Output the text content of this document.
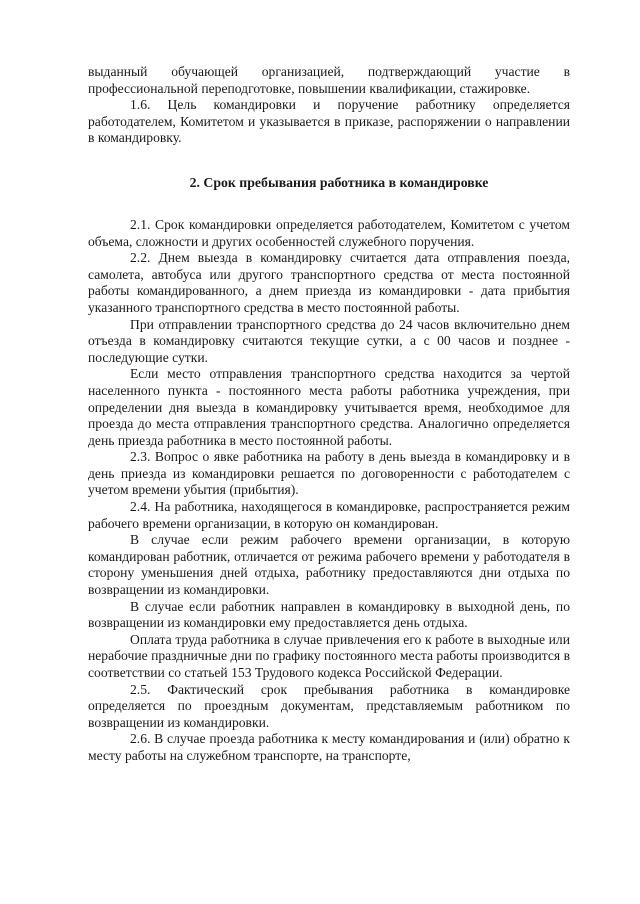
выданный обучающей организацией, подтверждающий участие в профессиональной переподготовке, повышении квалификации, стажировке.

1.6. Цель командировки и поручение работнику определяется работодателем, Комитетом и указывается в приказе, распоряжении о направлении в командировку.

2. Срок пребывания работника в командировке

2.1. Срок командировки определяется работодателем, Комитетом с учетом объема, сложности и других особенностей служебного поручения.

2.2. Днем выезда в командировку считается дата отправления поезда, самолета, автобуса или другого транспортного средства от места постоянной работы командированного, а днем приезда из командировки - дата прибытия указанного транспортного средства в место постоянной работы.

При отправлении транспортного средства до 24 часов включительно днем отъезда в командировку считаются текущие сутки, а с 00 часов и позднее - последующие сутки.

Если место отправления транспортного средства находится за чертой населенного пункта - постоянного места работы работника учреждения, при определении дня выезда в командировку учитывается время, необходимое для проезда до места отправления транспортного средства. Аналогично определяется день приезда работника в место постоянной работы.

2.3. Вопрос о явке работника на работу в день выезда в командировку и в день приезда из командировки решается по договоренности с работодателем с учетом времени убытия (прибытия).

2.4. На работника, находящегося в командировке, распространяется режим рабочего времени организации, в которую он командирован.

В случае если режим рабочего времени организации, в которую командирован работник, отличается от режима рабочего времени у работодателя в сторону уменьшения дней отдыха, работнику предоставляются дни отдыха по возвращении из командировки.

В случае если работник направлен в командировку в выходной день, по возвращении из командировки ему предоставляется день отдыха.

Оплата труда работника в случае привлечения его к работе в выходные или нерабочие праздничные дни по графику постоянного места работы производится в соответствии со статьей 153 Трудового кодекса Российской Федерации.

2.5. Фактический срок пребывания работника в командировке определяется по проездным документам, представляемым работником по возвращении из командировки.

2.6. В случае проезда работника к месту командирования и (или) обратно к месту работы на служебном транспорте, на транспорте,
